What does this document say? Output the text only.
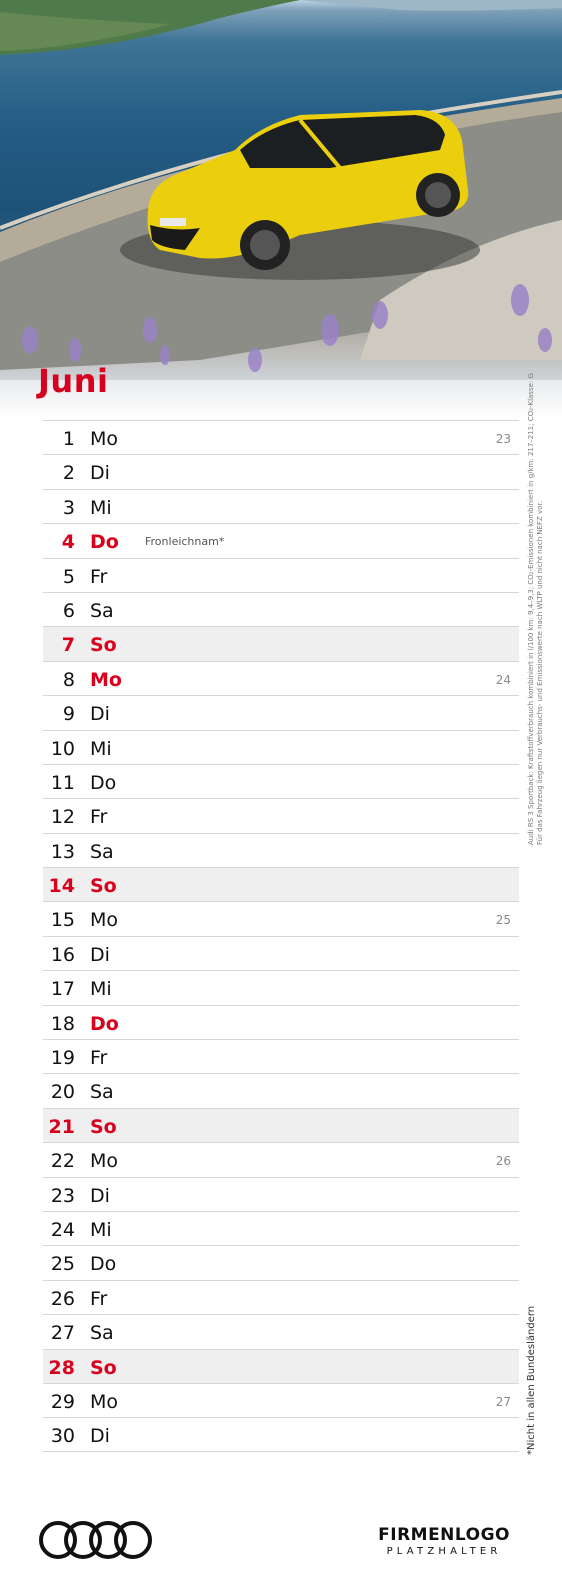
Juni
1 Mo	23
2 Di
3 Mi
4 Do Fronleichnam*
5 Fr
6 Sa
7 So
8 Mo	24
9 Di
10 Mi
11 Do
12 Fr
13 Sa
14 So
15 Mo	25
16 Di
17 Mi
18 Do
19 Fr
20 Sa
21 So
22 Mo	26
23 Di
24 Mi
25 Do
26 Fr
27 Sa
28 So
29 Mo	27
30 Di
Audi RS 3 Sportback: Kraftstoffverbrauch kombiniert in l/100 km: 9,4–9,3; CO₂-Emissionen kombiniert in g/km: 217–211; CO₂-Klasse: G Für das Fahrzeug liegen nur Verbrauchs- und Emissionswerte nach WLTP und nicht nach NEFZ vor.
*Nicht in allen Bundesländern
FIRMENLOGO
PLATZHALTER
